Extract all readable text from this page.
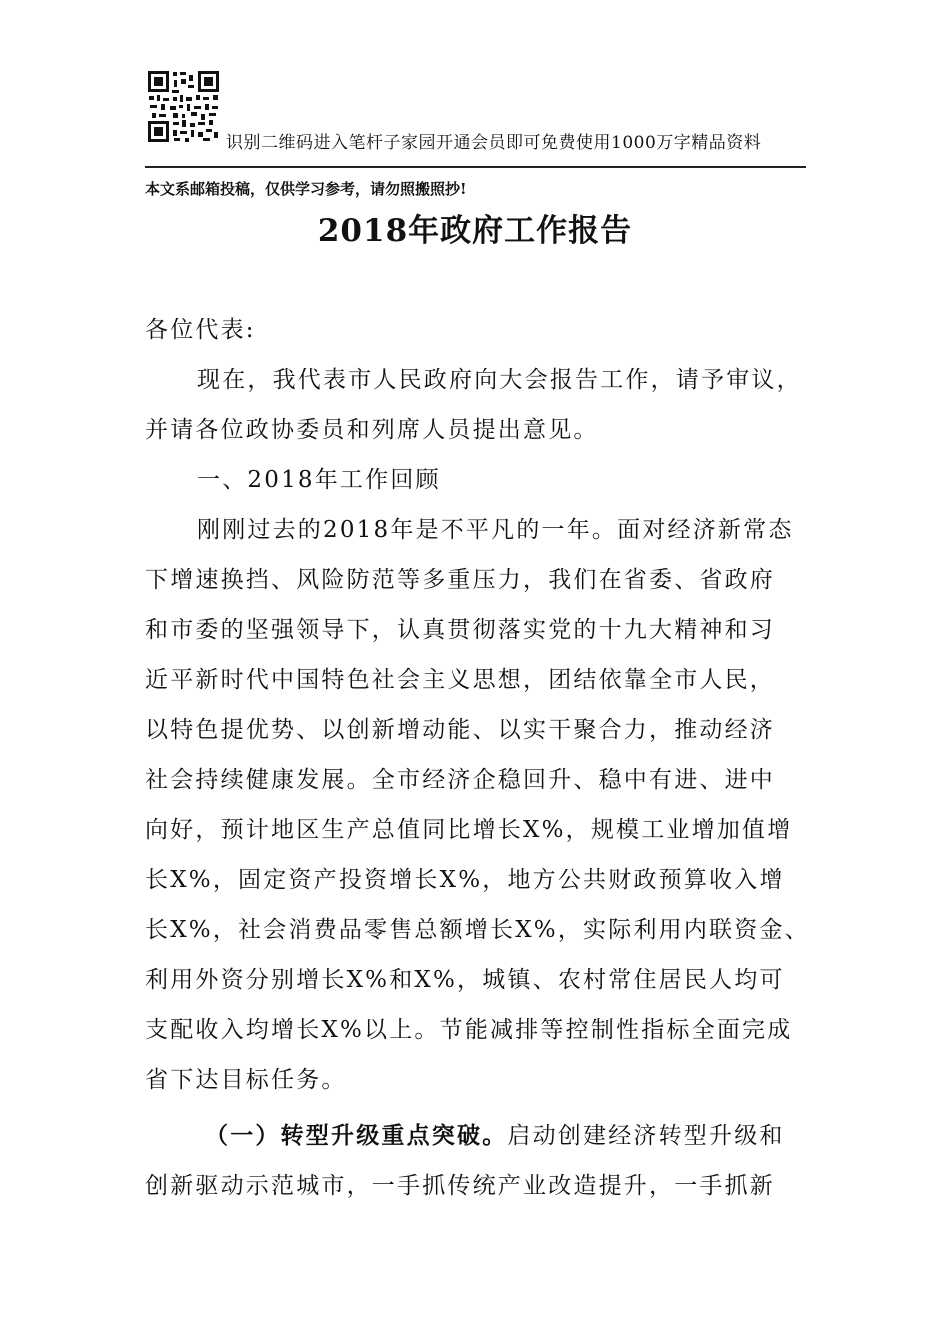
识别二维码进入笔杆子家园开通会员即可免费使用1000万字精品资料
本文系邮箱投稿，仅供学习参考，请勿照搬照抄!
2018年政府工作报告
各位代表:
现在，我代表市人民政府向大会报告工作，请予审议，
并请各位政协委员和列席人员提出意见。
一、2018年工作回顾
刚刚过去的2018年是不平凡的一年。面对经济新常态
下增速换挡、风险防范等多重压力，我们在省委、省政府
和市委的坚强领导下，认真贯彻落实党的十九大精神和习
近平新时代中国特色社会主义思想，团结依靠全市人民，
以特色提优势、以创新增动能、以实干聚合力，推动经济
社会持续健康发展。全市经济企稳回升、稳中有进、进中
向好，预计地区生产总值同比增长X%，规模工业增加值增
长X%，固定资产投资增长X%，地方公共财政预算收入增
长X%，社会消费品零售总额增长X%，实际利用内联资金、
利用外资分别增长X%和X%，城镇、农村常住居民人均可
支配收入均增长X%以上。节能减排等控制性指标全面完成
省下达目标任务。
（一）转型升级重点突破。启动创建经济转型升级和
创新驱动示范城市，一手抓传统产业改造提升，一手抓新
